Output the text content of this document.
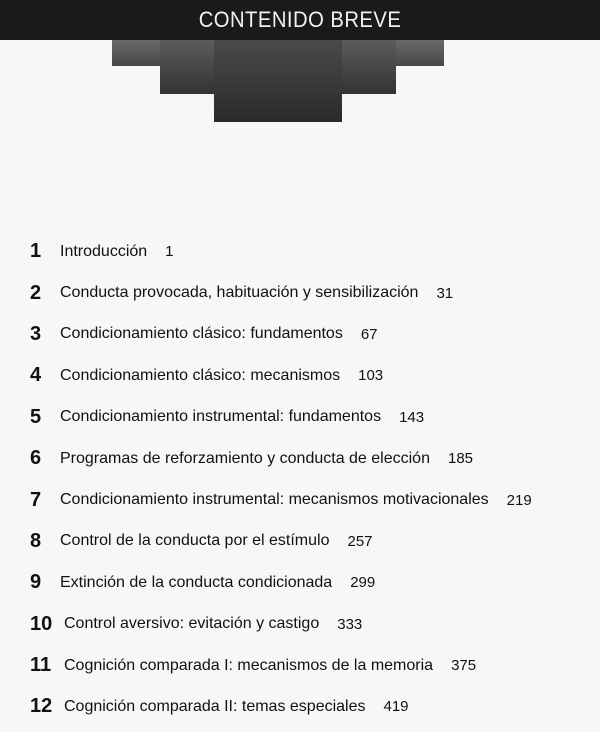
CONTENIDO BREVE
1	Introducción 1
2	Conducta provocada, habituación y sensibilización 31
3	Condicionamiento clásico: fundamentos 67
4	Condicionamiento clásico: mecanismos 103
5	Condicionamiento instrumental: fundamentos 143
6	Programas de reforzamiento y conducta de elección 185
7	Condicionamiento instrumental: mecanismos motivacionales 219
8	Control de la conducta por el estímulo 257
9	Extinción de la conducta condicionada 299
10 Control aversivo: evitación y castigo 333
11 Cognición comparada I: mecanismos de la memoria 375
12 Cognición comparada II: temas especiales 419
